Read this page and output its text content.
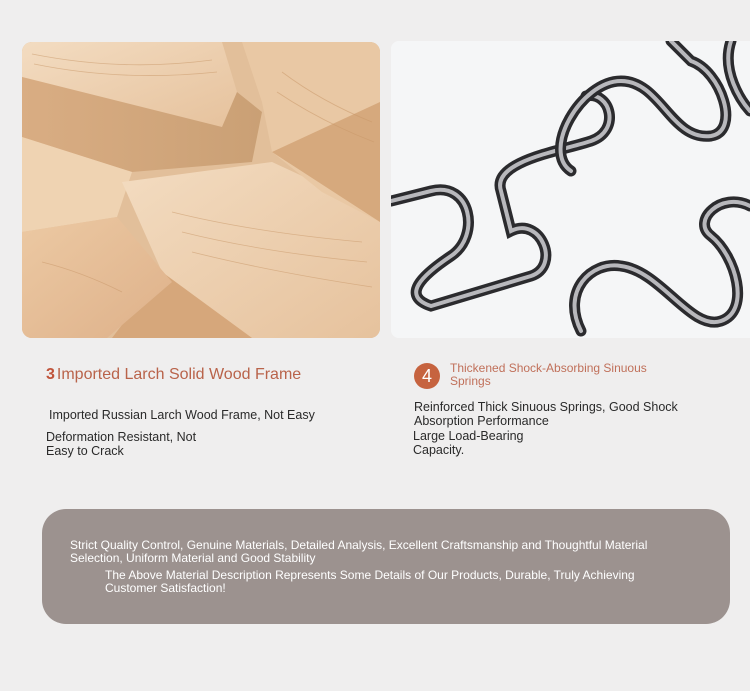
3 Imported Larch Solid Wood Frame
Imported Russian Larch Wood Frame, Not Easy
Deformation Resistant, Not Easy to Crack
4	Thickened Shock-Absorbing Sinuous Springs
Reinforced Thick Sinuous Springs, Good Shock Absorption Performance
Large Load-Bearing Capacity.
Strict Quality Control, Genuine Materials, Detailed Analysis, Excellent Craftsmanship and Thoughtful Material Selection, Uniform Material and Good Stability
The Above Material Description Represents Some Details of Our Products, Durable, Truly Achieving Customer Satisfaction!
